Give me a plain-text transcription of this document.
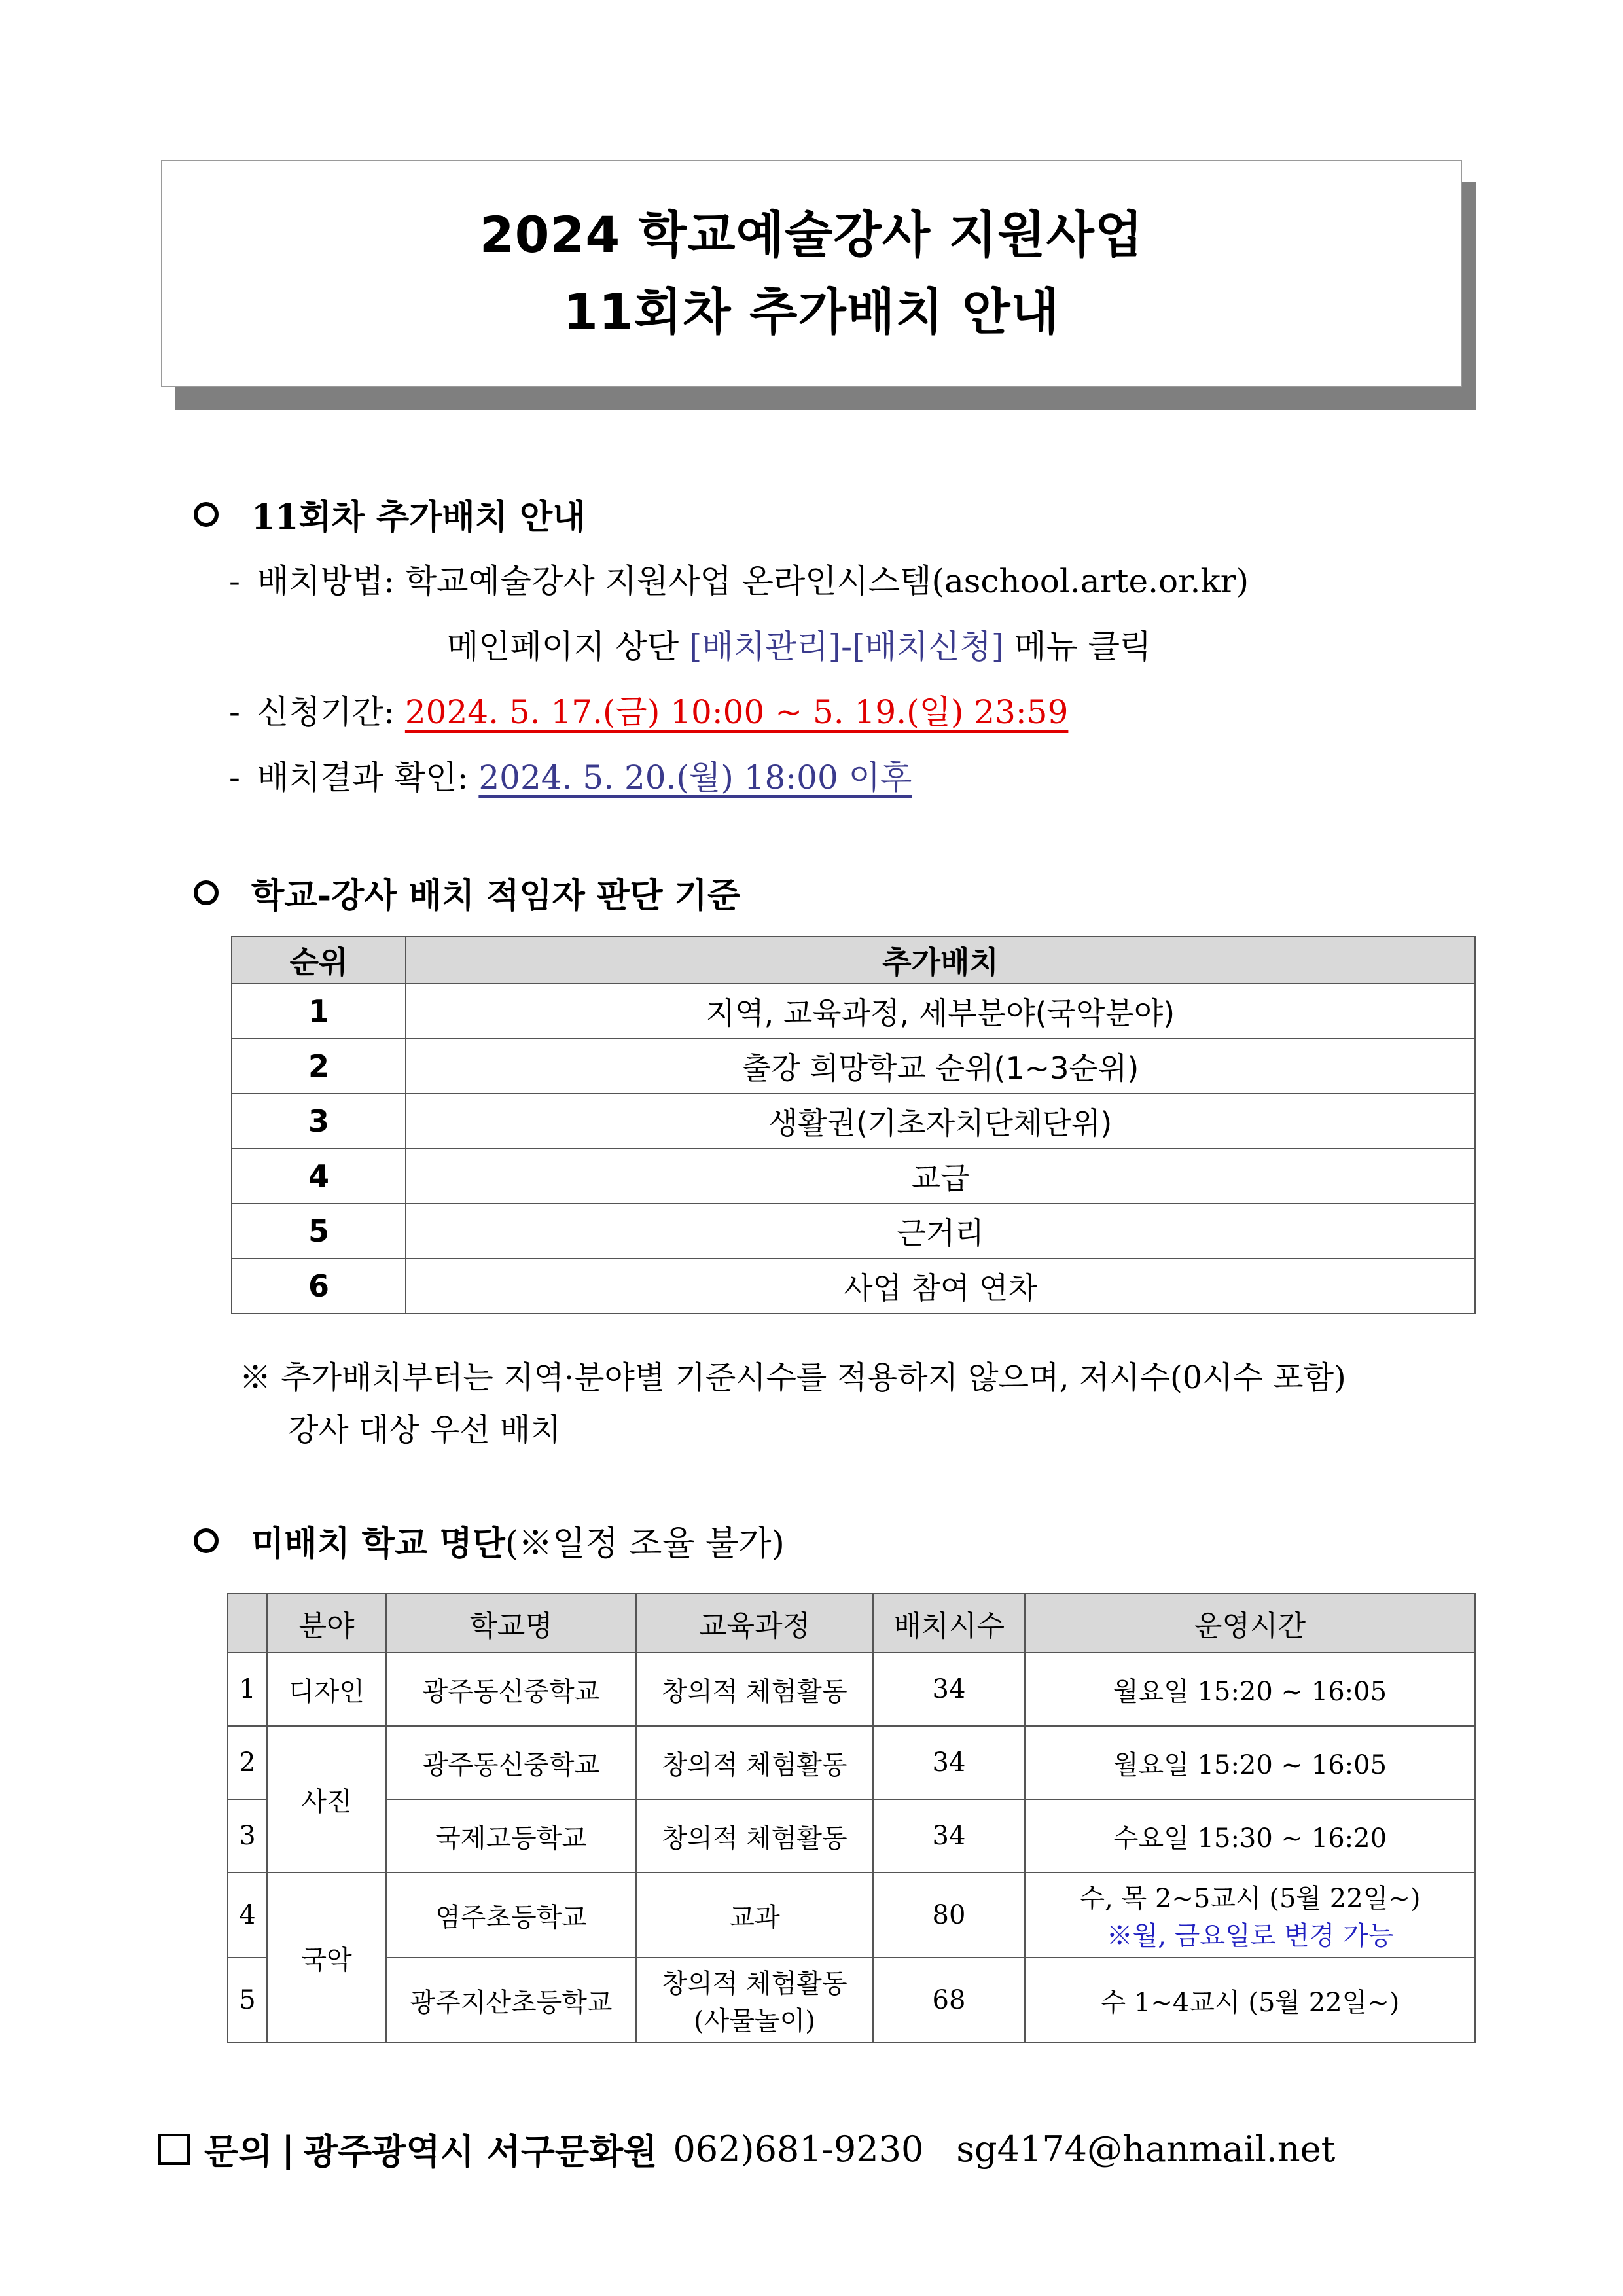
2024 학교예술강사 지원사업
11회차 추가배치 안내
11회차 추가배치 안내
- 배치방법: 학교예술강사 지원사업 온라인시스템(aschool.arte.or.kr)
메인페이지 상단 [배치관리]-[배치신청] 메뉴 클릭
- 신청기간: 2024. 5. 17.(금) 10:00 ~ 5. 19.(일) 23:59
- 배치결과 확인: 2024. 5. 20.(월) 18:00 이후
학교-강사 배치 적임자 판단 기준
순위	추가배치
1	지역, 교육과정, 세부분야(국악분야)
2	출강 희망학교 순위(1~3순위)
3	생활권(기초자치단체단위)
4	교급
5	근거리
6	사업 참여 연차
※ 추가배치부터는 지역·분야별 기준시수를 적용하지 않으며, 저시수(0시수 포함)
강사 대상 우선 배치
미배치 학교 명단 (※일정 조율 불가)
	분야	학교명	교육과정	배치시수	운영시간
1	디자인	광주동신중학교	창의적 체험활동	34	월요일 15:20 ~ 16:05
2	사진	광주동신중학교	창의적 체험활동	34	월요일 15:20 ~ 16:05
3		국제고등학교	창의적 체험활동	34	수요일 15:30 ~ 16:20
4	국악	염주초등학교	교과	80	수, 목 2~5교시 (5월 22일~)
※월, 금요일로 변경 가능

5		광주지산초등학교	창의적 체험활동
(사물놀이)	68	수 1~4교시 (5월 22일~)
문의 | 광주광역시 서구문화원 062)681-9230 sg4174@hanmail.net
